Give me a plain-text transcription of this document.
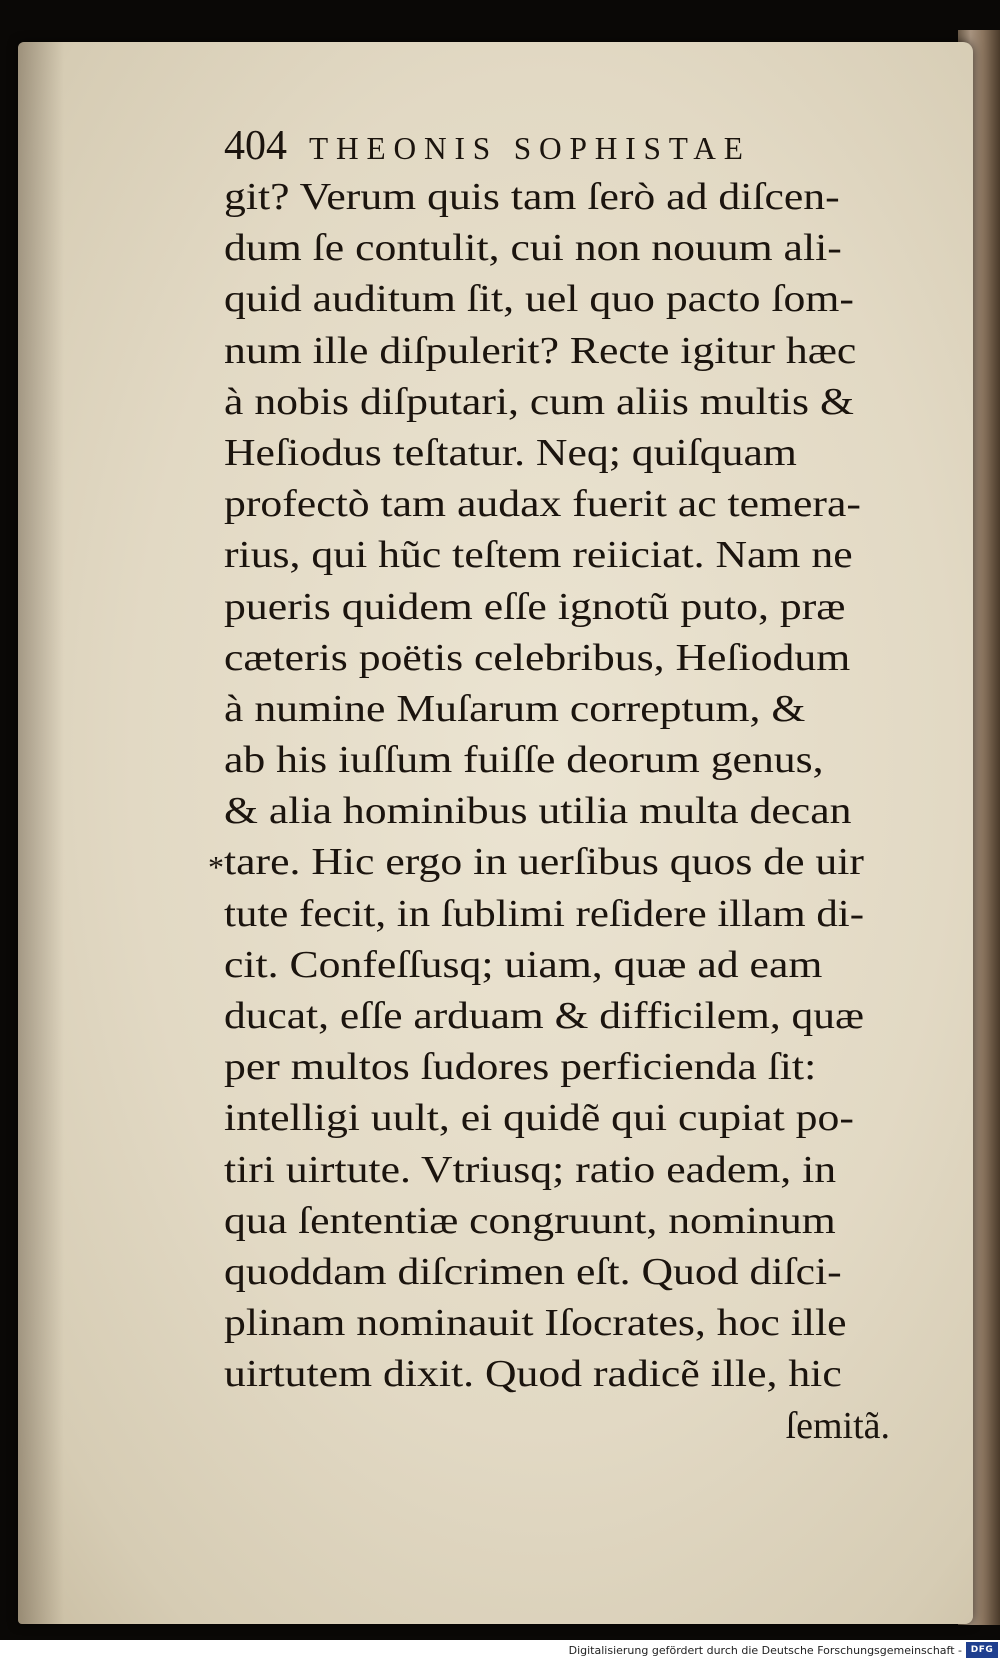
404 THEONIS SOPHISTAE
git? Verum quis tam ſerò ad diſcen-
dum ſe contulit, cui non nouum ali-
quid auditum ſit, uel quo pacto ſom-
num ille diſpulerit? Recte igitur hæc
à nobis diſputari, cum aliis multis &
Heſiodus teſtatur. Neq; quiſquam
profectò tam audax fuerit ac temera-
rius, qui hũc teſtem reiiciat. Nam ne
pueris quidem eſſe ignotũ puto, præ
cæteris poëtis celebribus, Heſiodum
à numine Muſarum correptum, &
ab his iuſſum fuiſſe deorum genus,
& alia hominibus utilia multa decan
tare. Hic ergo in uerſibus quos de uir
tute fecit, in ſublimi reſidere illam di-
cit. Confeſſusq; uiam, quæ ad eam
ducat, eſſe arduam & difficilem, quæ
per multos ſudores perficienda ſit:
intelligi uult, ei quidẽ qui cupiat po-
tiri uirtute. Vtriusq; ratio eadem, in
qua ſententiæ congruunt, nominum
quoddam diſcrimen eſt. Quod diſci-
plinam nominauit Iſocrates, hoc ille
uirtutem dixit. Quod radicẽ ille, hic
ſemitã.
*
Digitalisierung gefördert durch die Deutsche Forschungsgemeinschaft - DFG
